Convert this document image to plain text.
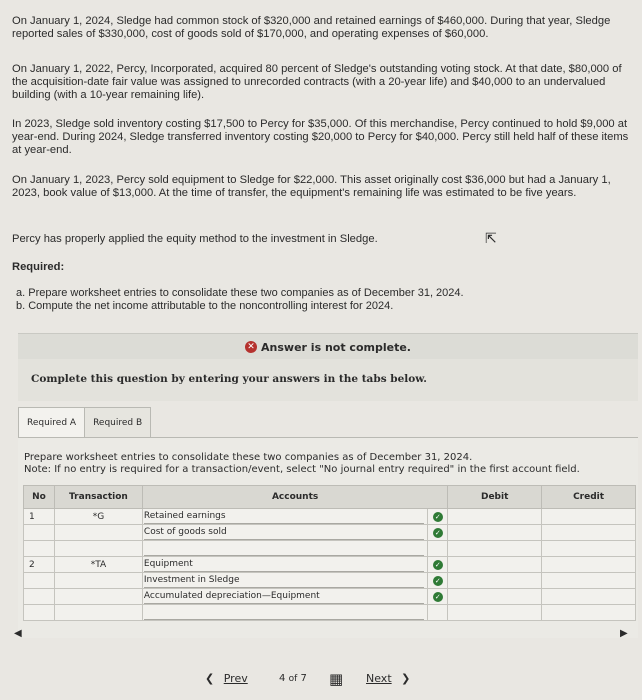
On January 1, 2024, Sledge had common stock of $320,000 and retained earnings of $460,000. During that year, Sledge reported sales of $330,000, cost of goods sold of $170,000, and operating expenses of $60,000.

On January 1, 2022, Percy, Incorporated, acquired 80 percent of Sledge's outstanding voting stock. At that date, $80,000 of the acquisition-date fair value was assigned to unrecorded contracts (with a 20-year life) and $40,000 to an undervalued building (with a 10-year remaining life).

In 2023, Sledge sold inventory costing $17,500 to Percy for $35,000. Of this merchandise, Percy continued to hold $9,000 at year-end. During 2024, Sledge transferred inventory costing $20,000 to Percy for $40,000. Percy still held half of these items at year-end.

On January 1, 2023, Percy sold equipment to Sledge for $22,000. This asset originally cost $36,000 but had a January 1, 2023, book value of $13,000. At the time of transfer, the equipment's remaining life was estimated to be five years.

Percy has properly applied the equity method to the investment in Sledge.	⇱

Required:

a. Prepare worksheet entries to consolidate these two companies as of December 31, 2024.
b. Compute the net income attributable to the noncontrolling interest for 2024.
✕ Answer is not complete.
Complete this question by entering your answers in the tabs below.
Required A	Required B
Prepare worksheet entries to consolidate these two companies as of December 31, 2024.
Note: If no entry is required for a transaction/event, select "No journal entry required" in the first account field.
No	Transaction	Accounts		Debit	Credit
1	*G	Retained earnings	✓		

		Cost of goods sold	✓		

2	*TA	Equipment	✓		

		Investment in Sledge	✓		

		Accumulated depreciation—Equipment	✓		

◀	▶
❮ Prev	4 of 7 ▦ Next ❯
